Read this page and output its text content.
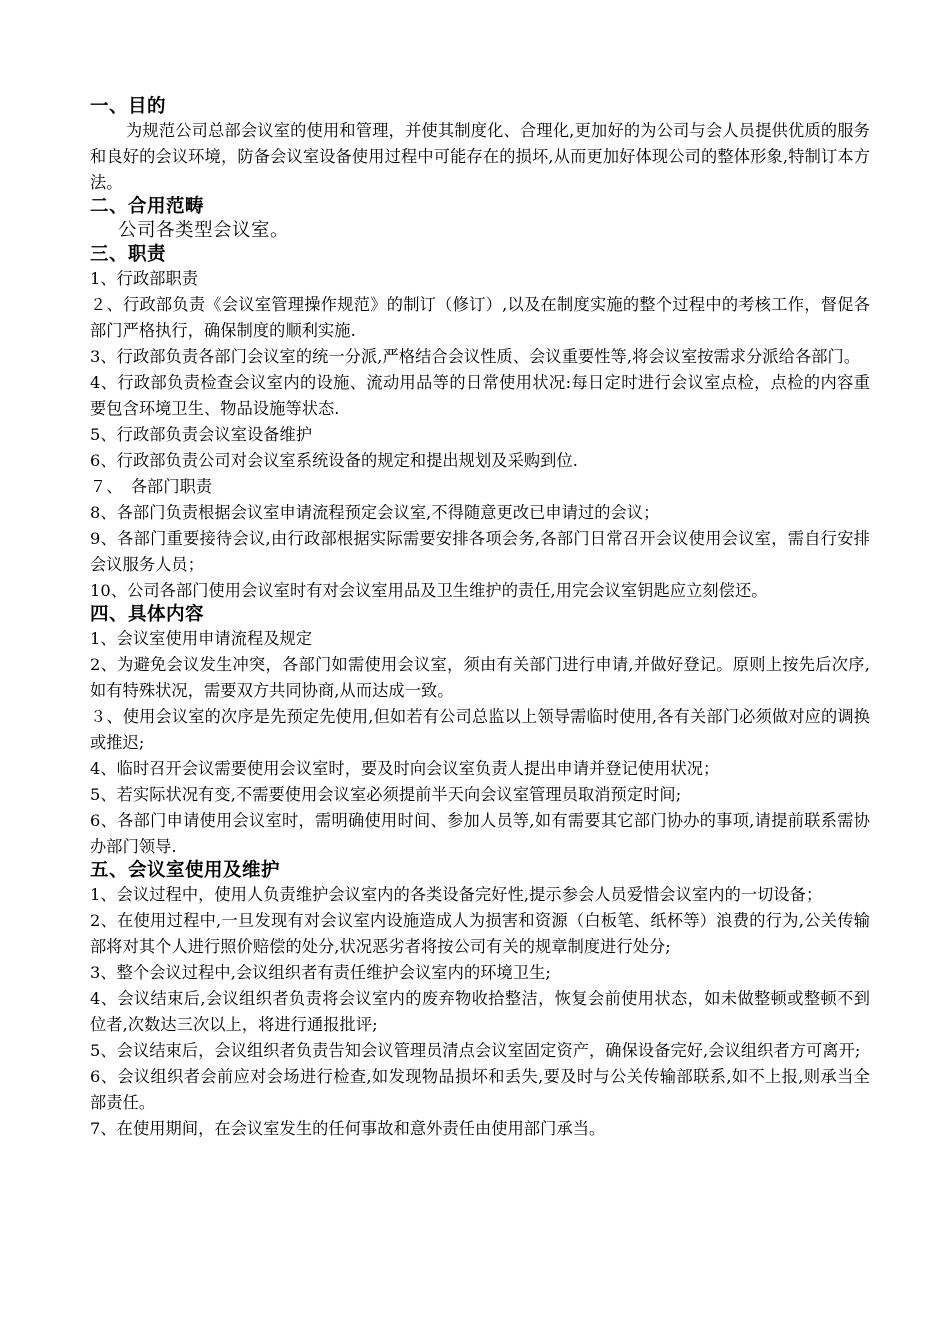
一、目的

为规范公司总部会议室的使用和管理，并使其制度化、合理化,更加好的为公司与会人员提供优质的服务和良好的会议环境，防备会议室设备使用过程中可能存在的损坏,从而更加好体现公司的整体形象,特制订本方法。

二、合用范畴

公司各类型会议室。

三、职责

1、行政部职责

２、行政部负责《会议室管理操作规范》的制订（修订）,以及在制度实施的整个过程中的考核工作，督促各部门严格执行，确保制度的顺利实施.

3、行政部负责各部门会议室的统一分派,严格结合会议性质、会议重要性等,将会议室按需求分派给各部门。

4、行政部负责检查会议室内的设施、流动用品等的日常使用状况:每日定时进行会议室点检，点检的内容重要包含环境卫生、物品设施等状态.

5、行政部负责会议室设备维护

6、行政部负责公司对会议室系统设备的规定和提出规划及采购到位.

７、　各部门职责

8、各部门负责根据会议室申请流程预定会议室,不得随意更改已申请过的会议；

9、各部门重要接待会议,由行政部根据实际需要安排各项会务,各部门日常召开会议使用会议室，需自行安排会议服务人员；

10、公司各部门使用会议室时有对会议室用品及卫生维护的责任,用完会议室钥匙应立刻偿还。

四、具体内容

1、会议室使用申请流程及规定

2、为避免会议发生冲突，各部门如需使用会议室，须由有关部门进行申请,并做好登记。原则上按先后次序,如有特殊状况，需要双方共同协商,从而达成一致。

３、使用会议室的次序是先预定先使用,但如若有公司总监以上领导需临时使用,各有关部门必须做对应的调换或推迟;

4、临时召开会议需要使用会议室时，要及时向会议室负责人提出申请并登记使用状况；

5、若实际状况有变,不需要使用会议室必须提前半天向会议室管理员取消预定时间;

6、各部门申请使用会议室时，需明确使用时间、参加人员等,如有需要其它部门协办的事项,请提前联系需协办部门领导.

五、会议室使用及维护

1、会议过程中，使用人负责维护会议室内的各类设备完好性,提示参会人员爱惜会议室内的一切设备；

2、在使用过程中,一旦发现有对会议室内设施造成人为损害和资源（白板笔、纸杯等）浪费的行为,公关传输部将对其个人进行照价赔偿的处分,状况恶劣者将按公司有关的规章制度进行处分;

3、整个会议过程中,会议组织者有责任维护会议室内的环境卫生;

4、会议结束后,会议组织者负责将会议室内的废弃物收拾整洁，恢复会前使用状态，如未做整顿或整顿不到位者,次数达三次以上，将进行通报批评;

5、会议结束后，会议组织者负责告知会议管理员清点会议室固定资产，确保设备完好,会议组织者方可离开;

6、会议组织者会前应对会场进行检查,如发现物品损坏和丢失,要及时与公关传输部联系,如不上报,则承当全部责任。

7、在使用期间，在会议室发生的任何事故和意外责任由使用部门承当。
